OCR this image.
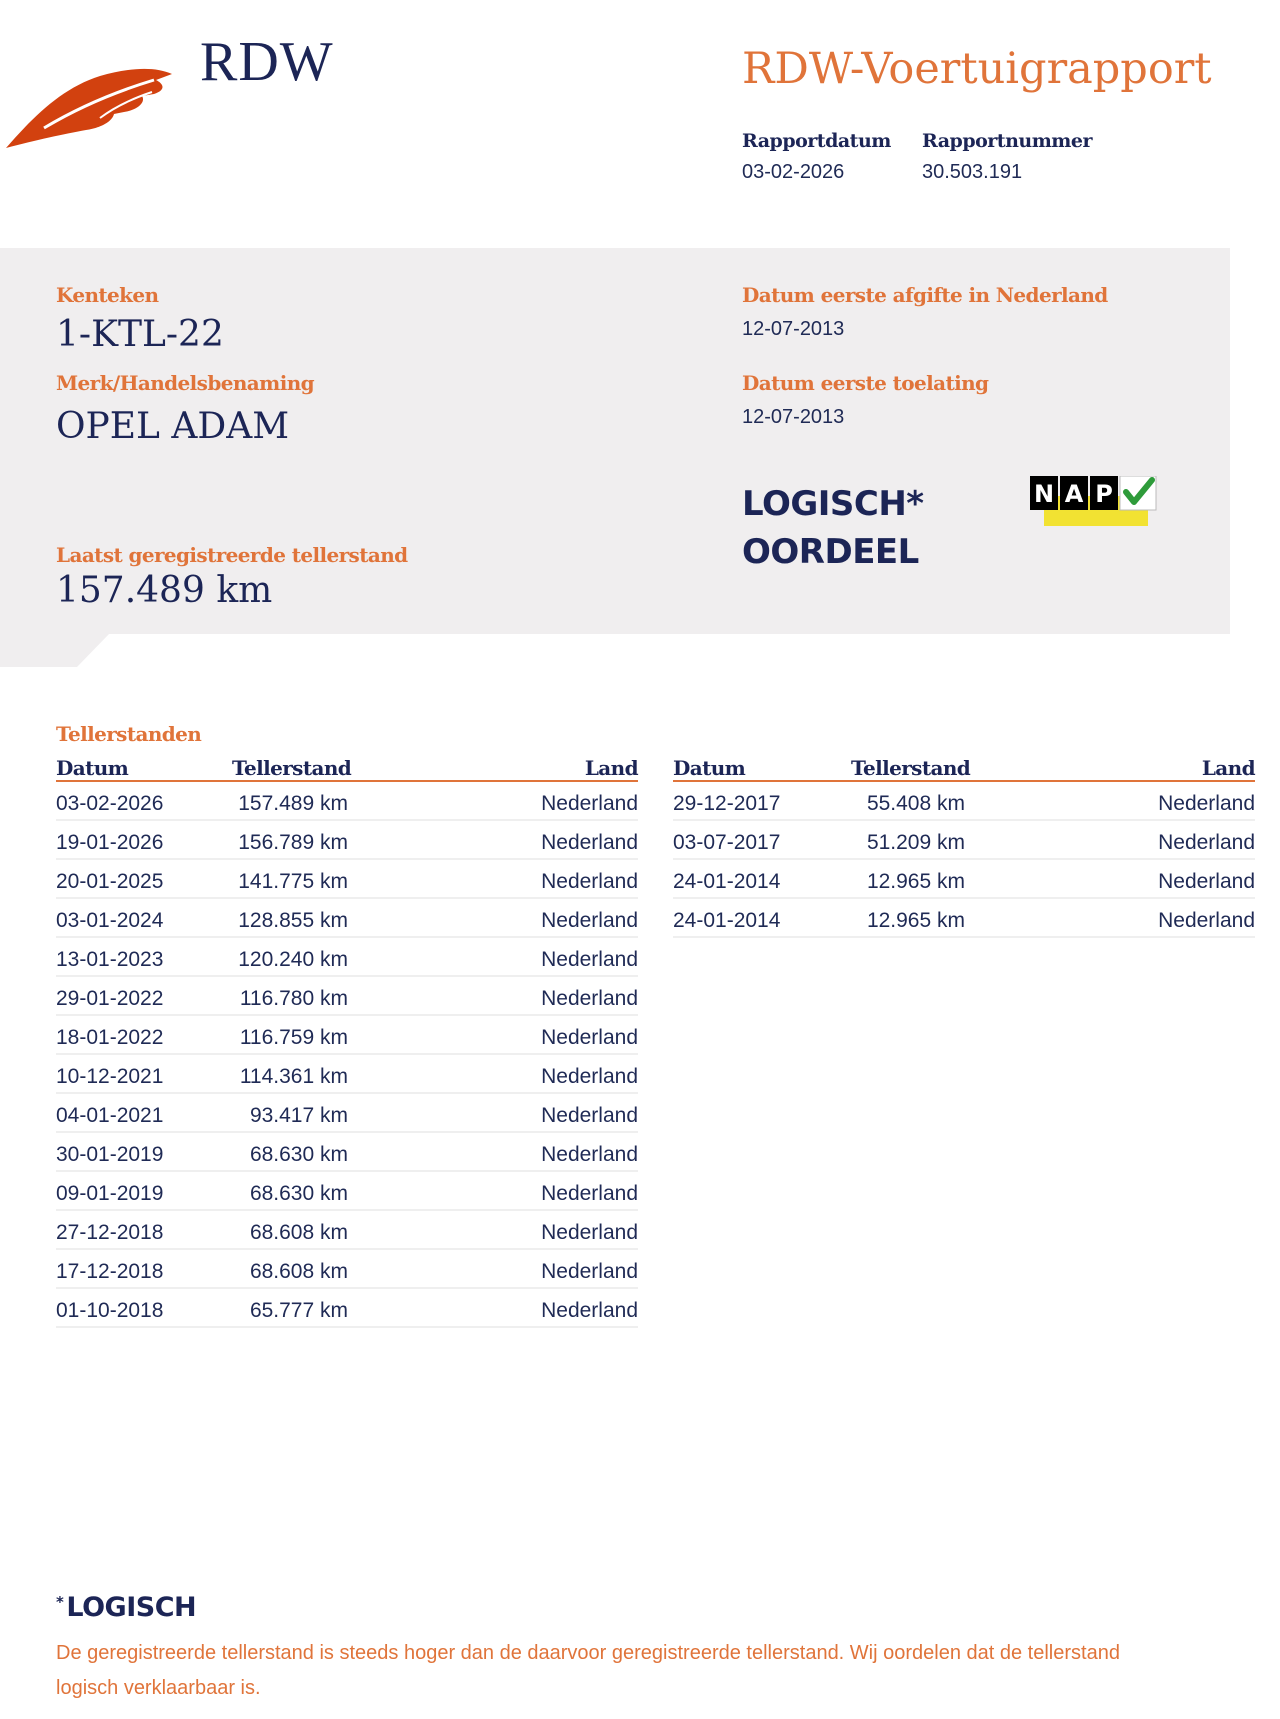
RDW	RDW-Voertuigrapport
Rapportdatum
03-02-2026
Rapportnummer
30.503.191
Kenteken
1-KTL-22
Merk/Handelsbenaming
OPEL ADAM
Laatst geregistreerde tellerstand
157.489 km
Datum eerste afgifte in Nederland
12-07-2013
Datum eerste toelating
12-07-2013
LOGISCH*
OORDEEL
N A P
Tellerstanden
Datum	Tellerstand	Land
03-02-2026	157.489 km	Nederland
19-01-2026	156.789 km	Nederland
20-01-2025	141.775 km	Nederland
03-01-2024	128.855 km	Nederland
13-01-2023	120.240 km	Nederland
29-01-2022	116.780 km	Nederland
18-01-2022	116.759 km	Nederland
10-12-2021	114.361 km	Nederland
04-01-2021	93.417 km	Nederland
30-01-2019	68.630 km	Nederland
09-01-2019	68.630 km	Nederland
27-12-2018	68.608 km	Nederland
17-12-2018	68.608 km	Nederland
01-10-2018	65.777 km	Nederland
Datum	Tellerstand	Land
29-12-2017	55.408 km	Nederland
03-07-2017	51.209 km	Nederland
24-01-2014	12.965 km	Nederland
24-01-2014	12.965 km	Nederland
* LOGISCH
De geregistreerde tellerstand is steeds hoger dan de daarvoor geregistreerde tellerstand. Wij oordelen dat de tellerstand logisch verklaarbaar is.
